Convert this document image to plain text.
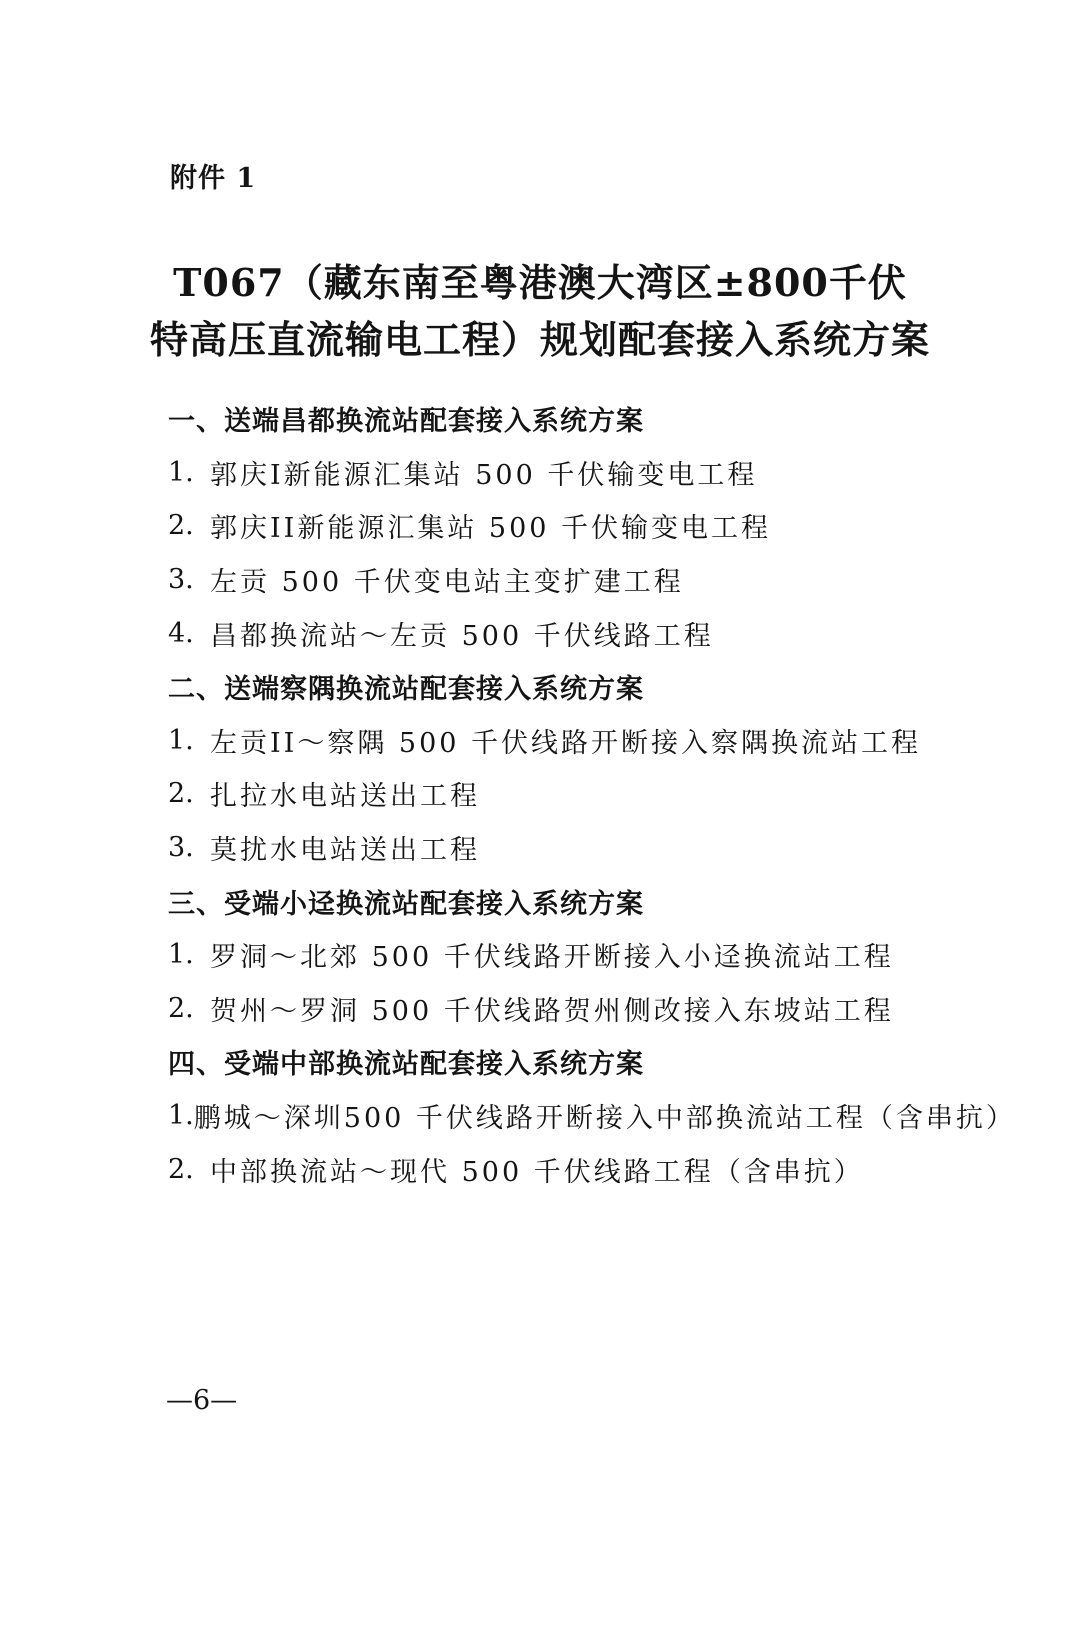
附件 1
T067（藏东南至粤港澳大湾区±800千伏
特高压直流输电工程）规划配套接入系统方案
一、送端昌都换流站配套接入系统方案
1. 郭庆I新能源汇集站 500 千伏输变电工程
2. 郭庆II新能源汇集站 500 千伏输变电工程
3. 左贡 500 千伏变电站主变扩建工程
4. 昌都换流站～左贡 500 千伏线路工程
二、送端察隅换流站配套接入系统方案
1. 左贡II～察隅 500 千伏线路开断接入察隅换流站工程
2. 扎拉水电站送出工程
3. 莫扰水电站送出工程
三、受端小迳换流站配套接入系统方案
1. 罗洞～北郊 500 千伏线路开断接入小迳换流站工程
2. 贺州～罗洞 500 千伏线路贺州侧改接入东坡站工程
四、受端中部换流站配套接入系统方案
1. 鹏城～深圳500 千伏线路开断接入中部换流站工程（含串抗）
2. 中部换流站～现代 500 千伏线路工程（含串抗）
—6—
